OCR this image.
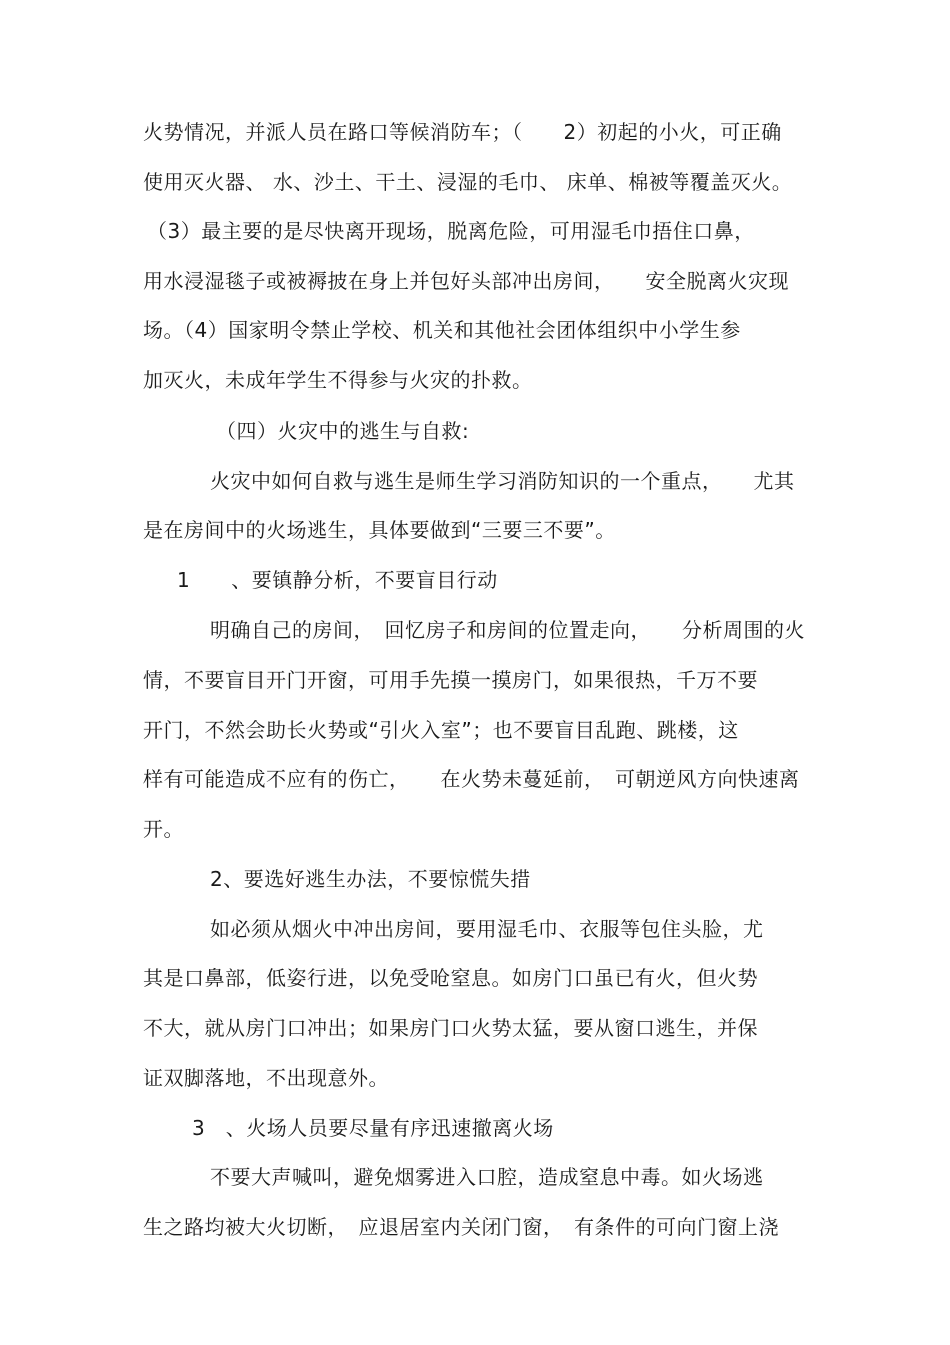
火势情况，并派人员在路口等候消防车；（　　2）初起的小火，可正确
使用灭火器、 水、沙土、干土、浸湿的毛巾、 床单、棉被等覆盖灭火。
（3）最主要的是尽快离开现场，脱离危险，可用湿毛巾捂住口鼻，
用水浸湿毯子或被褥披在身上并包好头部冲出房间，　　安全脱离火灾现
场。（4）国家明令禁止学校、机关和其他社会团体组织中小学生参
加灭火，未成年学生不得参与火灾的扑救。
（四）火灾中的逃生与自救:
火灾中如何自救与逃生是师生学习消防知识的一个重点，　　尤其
是在房间中的火场逃生，具体要做到“三要三不要”。
1　　、要镇静分析，不要盲目行动
明确自己的房间，　回忆房子和房间的位置走向，　　分析周围的火
情，不要盲目开门开窗，可用手先摸一摸房门，如果很热，千万不要
开门，不然会助长火势或“引火入室”；也不要盲目乱跑、跳楼，这
样有可能造成不应有的伤亡，　　在火势未蔓延前，　可朝逆风方向快速离
开。
2、要选好逃生办法，不要惊慌失措
如必须从烟火中冲出房间，要用湿毛巾、衣服等包住头脸，尤
其是口鼻部，低姿行进，以免受呛窒息。如房门口虽已有火，但火势
不大，就从房门口冲出；如果房门口火势太猛，要从窗口逃生，并保
证双脚落地，不出现意外。
3　、火场人员要尽量有序迅速撤离火场
不要大声喊叫，避免烟雾进入口腔，造成窒息中毒。如火场逃
生之路均被大火切断，　应退居室内关闭门窗，　有条件的可向门窗上浇
